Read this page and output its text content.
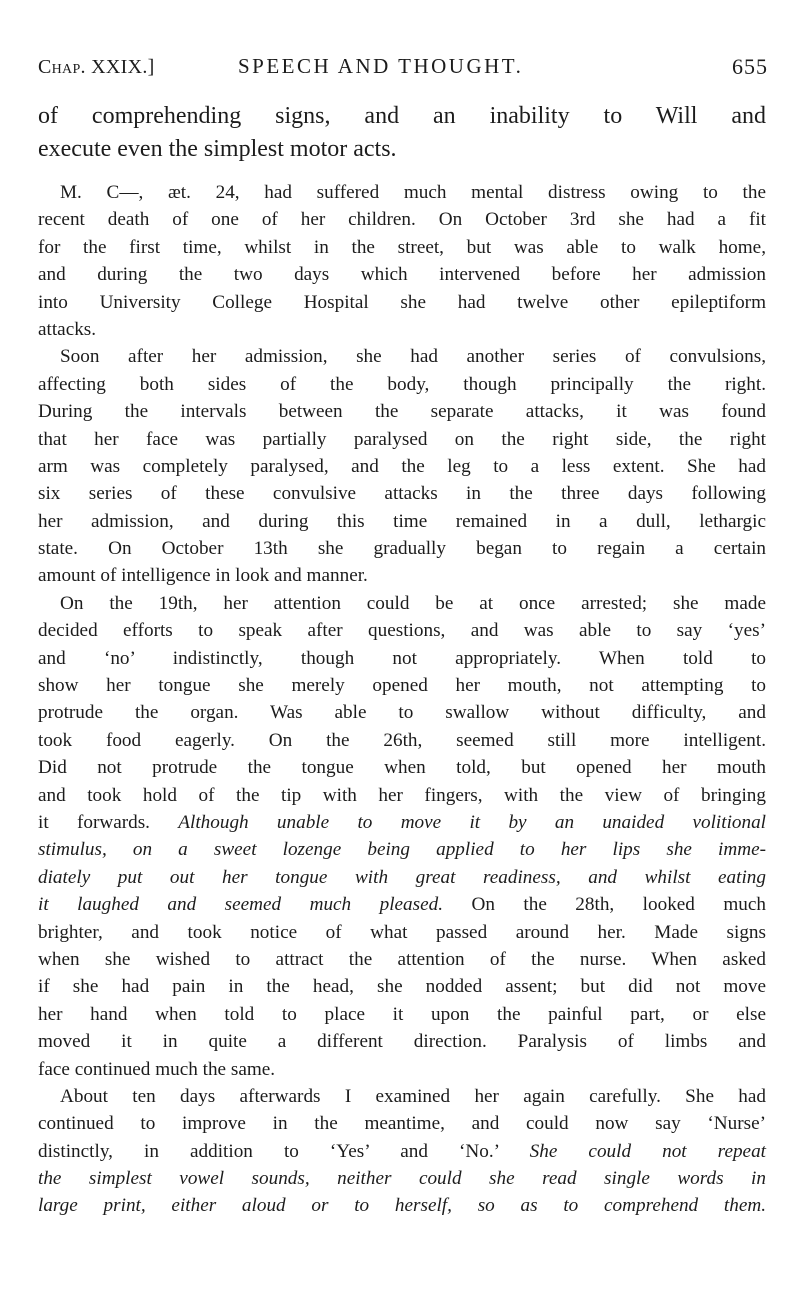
Chap. XXIX.]	SPEECH AND THOUGHT.	655
of comprehending signs, and an inability to Will and
execute even the simplest motor acts.
M. C—, æt. 24, had suffered much mental distress owing to the
recent death of one of her children. On October 3rd she had a fit
for the first time, whilst in the street, but was able to walk home,
and during the two days which intervened before her admission
into University College Hospital she had twelve other epileptiform
attacks.
Soon after her admission, she had another series of convulsions,
affecting both sides of the body, though principally the right.
During the intervals between the separate attacks, it was found
that her face was partially paralysed on the right side, the right
arm was completely paralysed, and the leg to a less extent. She had
six series of these convulsive attacks in the three days following
her admission, and during this time remained in a dull, lethargic
state. On October 13th she gradually began to regain a certain
amount of intelligence in look and manner.
On the 19th, her attention could be at once arrested; she made
decided efforts to speak after questions, and was able to say ‘yes’
and ‘no’ indistinctly, though not appropriately. When told to
show her tongue she merely opened her mouth, not attempting to
protrude the organ. Was able to swallow without difficulty, and
took food eagerly. On the 26th, seemed still more intelligent.
Did not protrude the tongue when told, but opened her mouth
and took hold of the tip with her fingers, with the view of bringing
it forwards. Although unable to move it by an unaided volitional
stimulus, on a sweet lozenge being applied to her lips she imme-
diately put out her tongue with great readiness, and whilst eating
it laughed and seemed much pleased. On the 28th, looked much
brighter, and took notice of what passed around her. Made signs
when she wished to attract the attention of the nurse. When asked
if she had pain in the head, she nodded assent; but did not move
her hand when told to place it upon the painful part, or else
moved it in quite a different direction. Paralysis of limbs and
face continued much the same.
About ten days afterwards I examined her again carefully. She had
continued to improve in the meantime, and could now say ‘Nurse’
distinctly, in addition to ‘Yes’ and ‘No.’ She could not repeat
the simplest vowel sounds, neither could she read single words in
large print, either aloud or to herself, so as to comprehend them.
